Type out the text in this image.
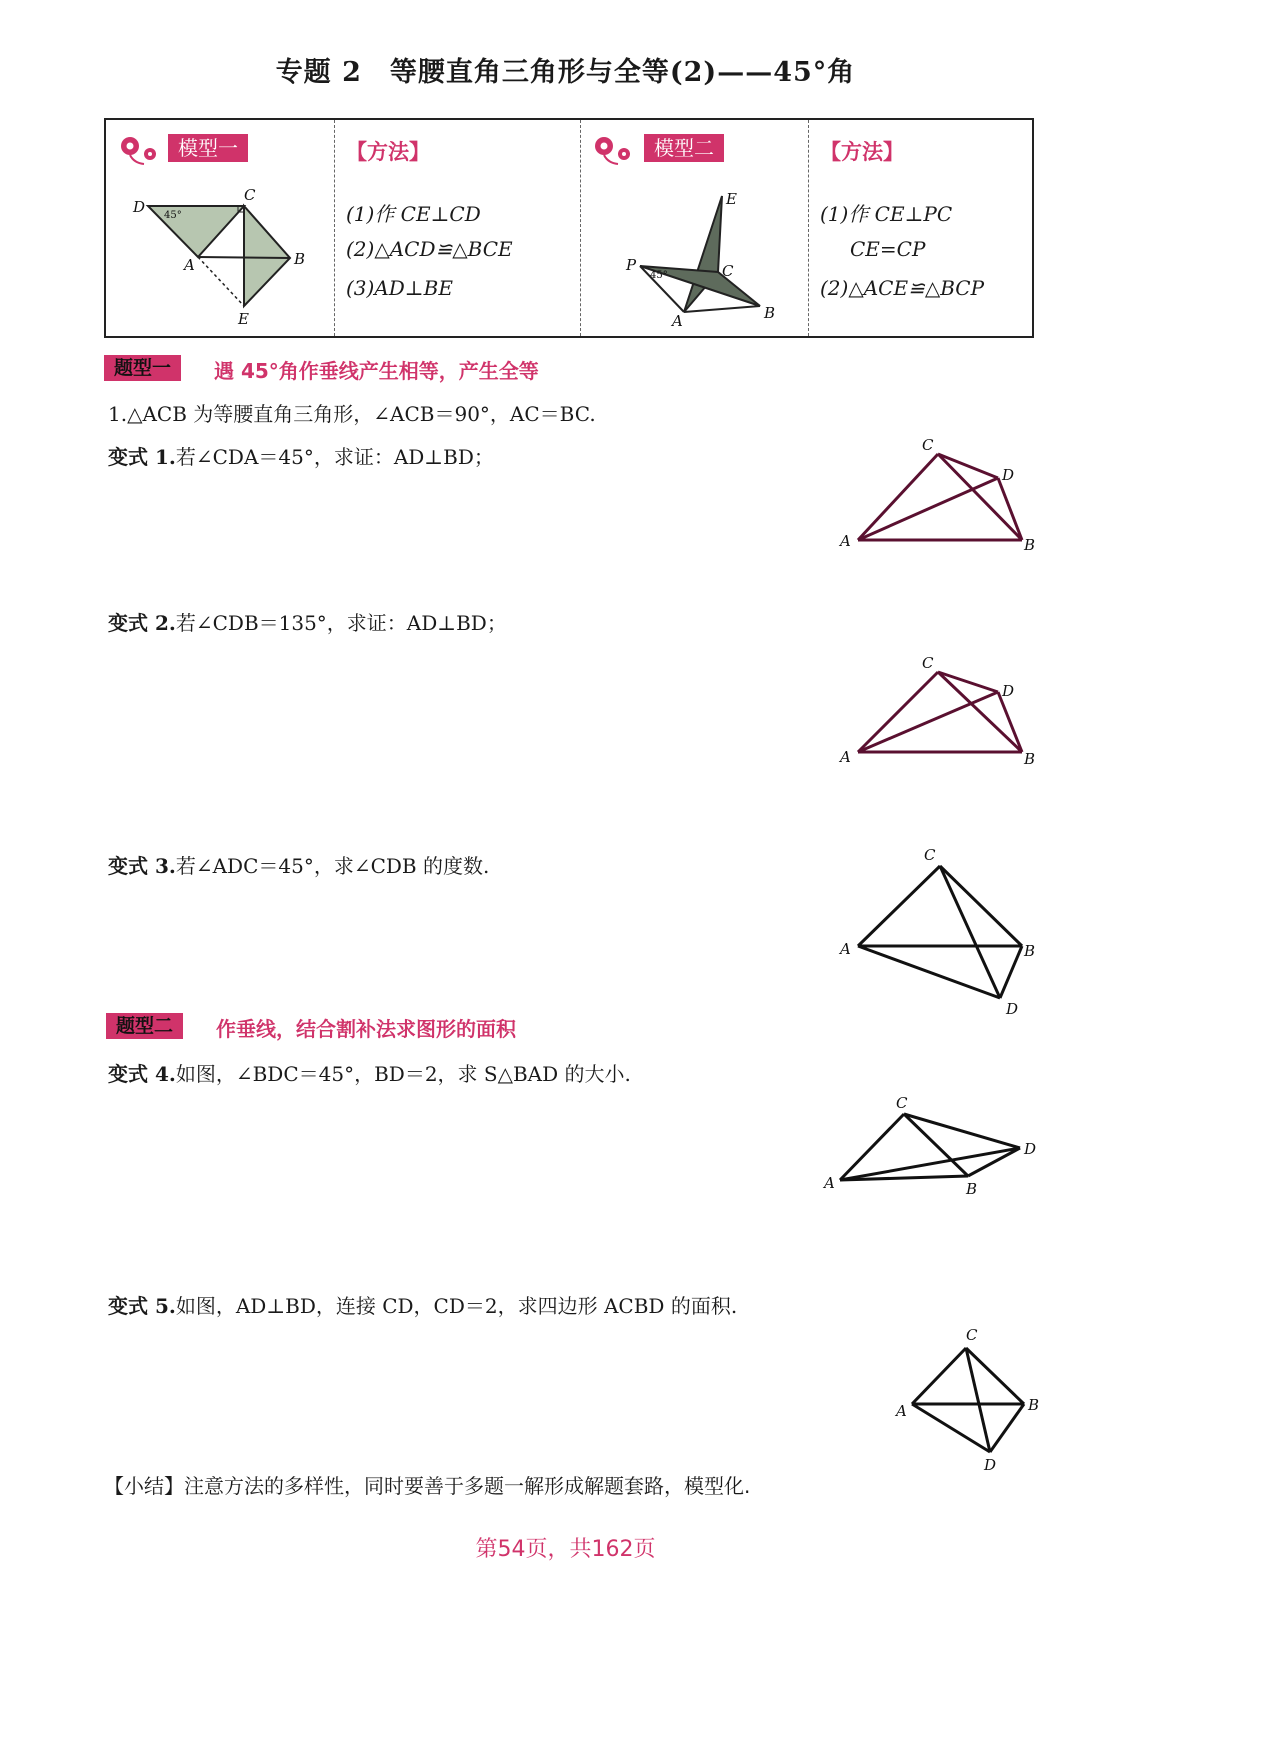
专题 2　等腰直角三角形与全等(2)——45°角
模型一
D
C
A	B
E
45°
【方法】
(1)作 CE⊥CD
(2)△ACD≌△BCE
(3)AD⊥BE
模型二
E
P	C
A	B
45°
【方法】
(1)作 CE⊥PC
CE=CP
(2)△ACE≌△BCP
题型一	遇 45°角作垂线产生相等，产生全等
1.△ACB 为等腰直角三角形，∠ACB＝90°，AC＝BC.
变式 1.若∠CDA＝45°，求证：AD⊥BD；	C
D
A	B
变式 2.若∠CDB＝135°，求证：AD⊥BD；
C
D
A	B
变式 3.若∠ADC＝45°，求∠CDB 的度数.	C
A	B
D
题型二	作垂线，结合割补法求图形的面积
变式 4.如图，∠BDC＝45°，BD＝2，求 S△BAD 的大小.
C
D
A	B
变式 5.如图，AD⊥BD，连接 CD，CD＝2，求四边形 ACBD 的面积.
C
A	B
D
【小结】注意方法的多样性，同时要善于多题一解形成解题套路，模型化.
第54页，共162页
